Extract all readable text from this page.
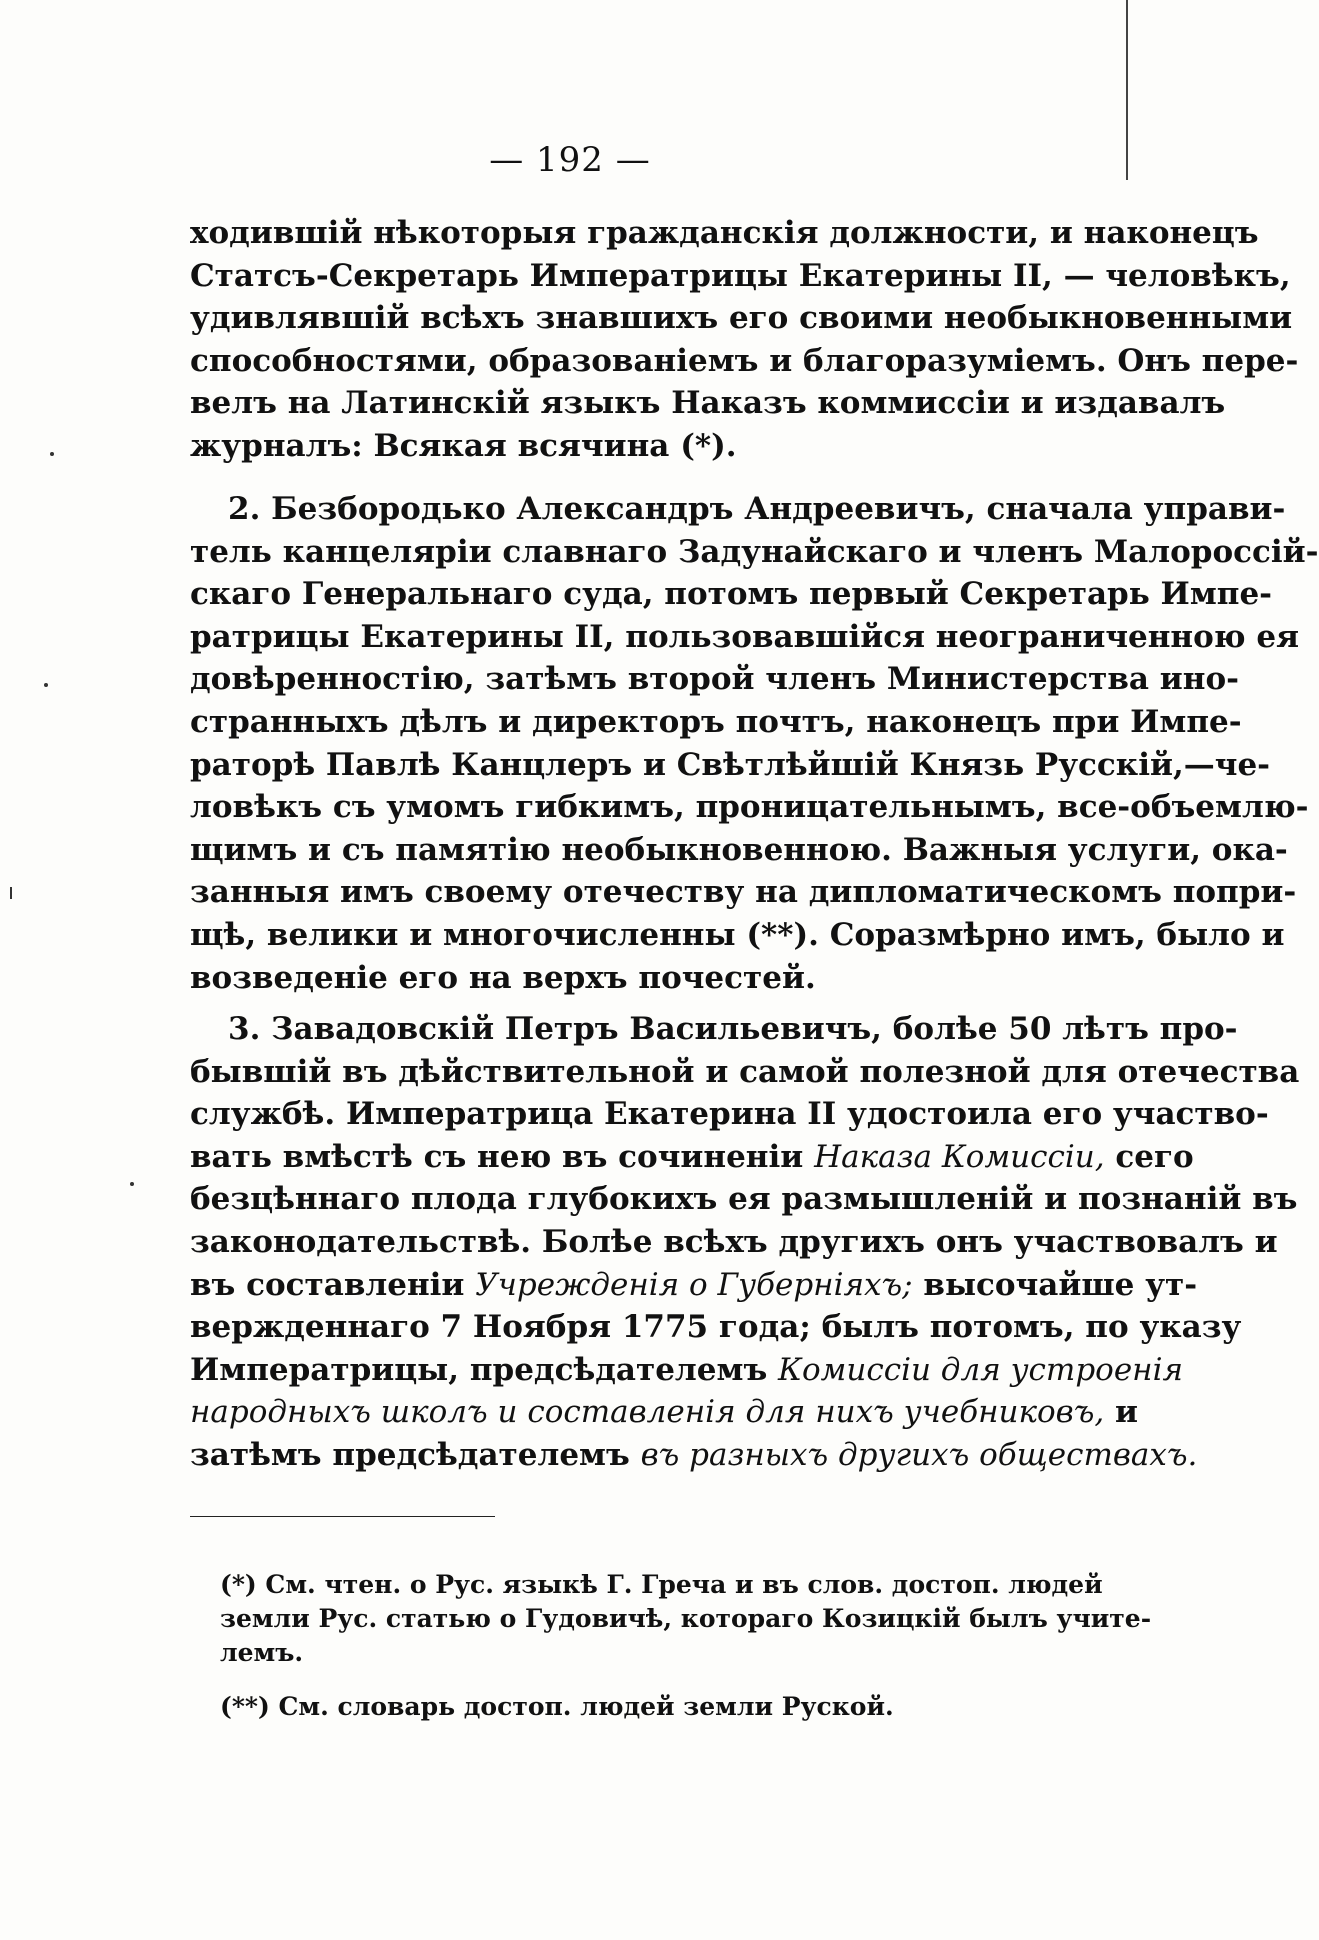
— 192 —
ходившій нѣкоторыя гражданскія должности, и наконецъ
Статсъ-Секретарь Императрицы Екатерины II, — человѣкъ,
удивлявшій всѣхъ знавшихъ его своими необыкновенными
способностями, образованіемъ и благоразуміемъ. Онъ пере-
велъ на Латинскій языкъ Наказъ коммиссіи и издавалъ
журналъ: Всякая всячина (*).
2. Безбородько Александръ Андреевичъ, сначала управи-
тель канцеляріи славнаго Задунайскаго и членъ Малороссій-
скаго Генеральнаго суда, потомъ первый Секретарь Импе-
ратрицы Екатерины II, пользовавшійся неограниченною ея
довѣренностію, затѣмъ второй членъ Министерства ино-
странныхъ дѣлъ и директоръ почтъ, наконецъ при Импе-
раторѣ Павлѣ Канцлеръ и Свѣтлѣйшій Князь Русскій,—че-
ловѣкъ съ умомъ гибкимъ, проницательнымъ, все-объемлю-
щимъ и съ памятію необыкновенною. Важныя услуги, ока-
занныя имъ своему отечеству на дипломатическомъ попри-
щѣ, велики и многочисленны (**). Соразмѣрно имъ, было и
возведеніе его на верхъ почестей.
3. Завадовскій Петръ Васильевичъ, болѣе 50 лѣтъ про-
бывшій въ дѣйствительной и самой полезной для отечества
службѣ. Императрица Екатерина II удостоила его участво-
вать вмѣстѣ съ нею въ сочиненіи Наказа Комиссіи, сего
безцѣннаго плода глубокихъ ея размышленій и познаній въ
законодательствѣ. Болѣе всѣхъ другихъ онъ участвовалъ и
въ составленіи Учрежденія о Губерніяхъ; высочайше ут-
вержденнаго 7 Ноября 1775 года; былъ потомъ, по указу
Императрицы, предсѣдателемъ Комиссіи для устроенія
народныхъ школъ и составленія для нихъ учебниковъ, и
затѣмъ предсѣдателемъ въ разныхъ другихъ обществахъ.
(*) См. чтен. о Рус. языкѣ Г. Греча и въ слов. достоп. людей
земли Рус. статью о Гудовичѣ, котораго Козицкій былъ учите-
лемъ.
(**) См. словарь достоп. людей земли Руской.
